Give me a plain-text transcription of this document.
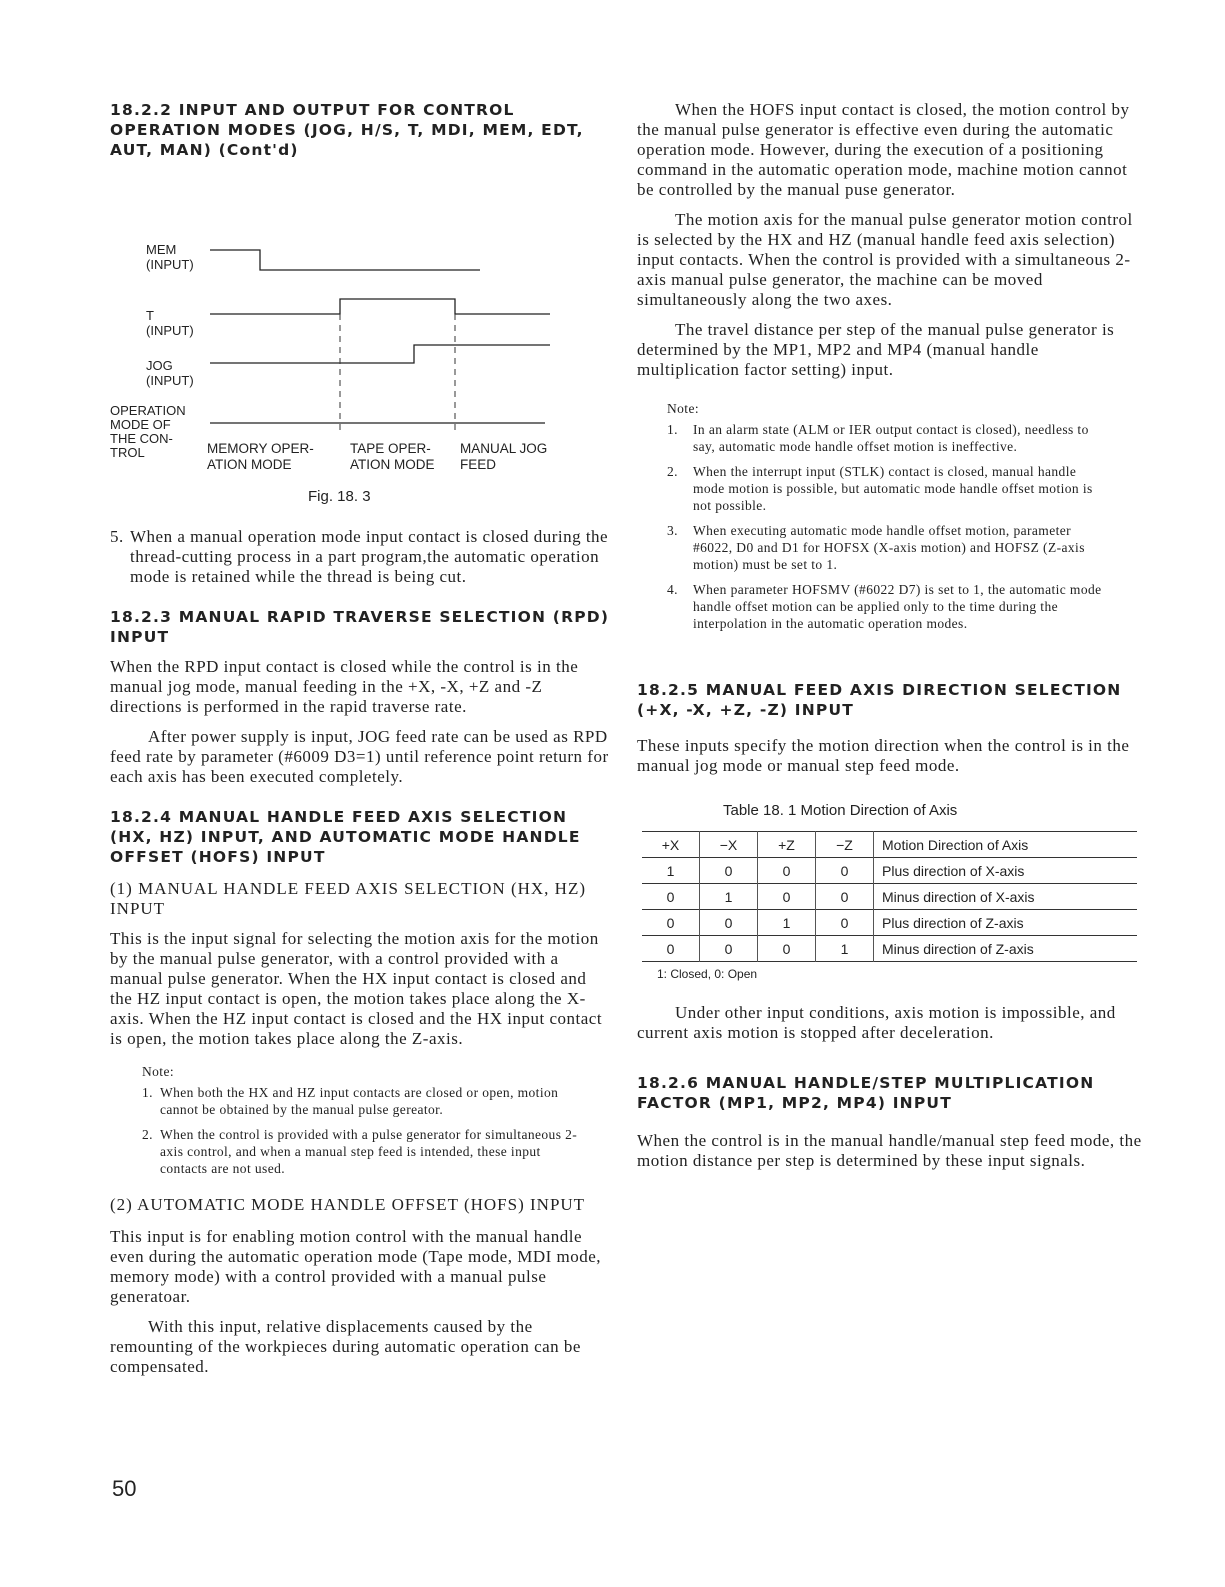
18.2.2 INPUT AND OUTPUT FOR CONTROL OPERATION MODES (JOG, H/S, T, MDI, MEM, EDT, AUT, MAN) (Cont'd)

MEM
(INPUT)
T
(INPUT)
JOG
(INPUT)
OPERATION
MODE OF
THE CON-
TROL	MEMORY OPER-
ATION MODE
TAPE OPER-
ATION MODE
MANUAL JOG
FEED
Fig. 18. 3
5. When a manual operation mode input contact is closed during the thread-cutting process in a part program,the automatic operation mode is retained while the thread is being cut.

18.2.3 MANUAL RAPID TRAVERSE SELECTION (RPD) INPUT

When the RPD input contact is closed while the control is in the manual jog mode, manual feeding in the +X, -X, +Z and -Z directions is performed in the rapid traverse rate.

After power supply is input, JOG feed rate can be used as RPD feed rate by parameter (#6009 D3=1) until reference point return for each axis has been executed completely.

18.2.4 MANUAL HANDLE FEED AXIS SELECTION (HX, HZ) INPUT, AND AUTOMATIC MODE HANDLE OFFSET (HOFS) INPUT

(1) MANUAL HANDLE FEED AXIS SELECTION (HX, HZ) INPUT

This is the input signal for selecting the motion axis for the motion by the manual pulse generator, with a control provided with a manual pulse generator. When the HX input contact is closed and the HZ input contact is open, the motion takes place along the X-axis. When the HZ input contact is closed and the HX input contact is open, the motion takes place along the Z-axis.

Note:
1. When both the HX and HZ input contacts are closed or open, motion cannot be obtained by the manual pulse gereator.
2. When the control is provided with a pulse generator for simultaneous 2-axis control, and when a manual step feed is intended, these input contacts are not used.

(2) AUTOMATIC MODE HANDLE OFFSET (HOFS) INPUT

This input is for enabling motion control with the manual handle even during the automatic operation mode (Tape mode, MDI mode, memory mode) with a control provided with a manual pulse generatoar.

With this input, relative displacements caused by the remounting of the workpieces during automatic operation can be compensated.

When the HOFS input contact is closed, the motion control by the manual pulse generator is effective even during the automatic operation mode. However, during the execution of a positioning command in the automatic operation mode, machine motion cannot be controlled by the manual puse generator.

The motion axis for the manual pulse generator motion control is selected by the HX and HZ (manual handle feed axis selection) input contacts. When the control is provided with a simultaneous 2-axis manual pulse generator, the machine can be moved simultaneously along the two axes.

The travel distance per step of the manual pulse generator is determined by the MP1, MP2 and MP4 (manual handle multiplication factor setting) input.

Note:
1.	In an alarm state (ALM or IER output contact is closed), needless to say, automatic mode handle offset motion is ineffective.
2.	When the interrupt input (STLK) contact is closed, manual handle mode motion is possible, but automatic mode handle offset motion is not possible.
3.	When executing automatic mode handle offset motion, parameter #6022, D0 and D1 for HOFSX (X-axis motion) and HOFSZ (Z-axis motion) must be set to 1.
4.	When parameter HOFSMV (#6022 D7) is set to 1, the automatic mode handle offset motion can be applied only to the time during the interpolation in the automatic operation modes.

18.2.5 MANUAL FEED AXIS DIRECTION SELECTION (+X, -X, +Z, -Z) INPUT

These inputs specify the motion direction when the control is in the manual jog mode or manual step feed mode.

Table 18. 1 Motion Direction of Axis
+X	−X	+Z	−Z	Motion Direction of Axis
1	0	0	0	Plus direction of X-axis
0	1	0	0	Minus direction of X-axis
0	0	1	0	Plus direction of Z-axis
0	0	0	1	Minus direction of Z-axis
1: Closed, 0: Open

Under other input conditions, axis motion is impossible, and current axis motion is stopped after deceleration.

18.2.6 MANUAL HANDLE/STEP MULTIPLICATION FACTOR (MP1, MP2, MP4) INPUT

When the control is in the manual handle/manual step feed mode, the motion distance per step is determined by these input signals.

50
